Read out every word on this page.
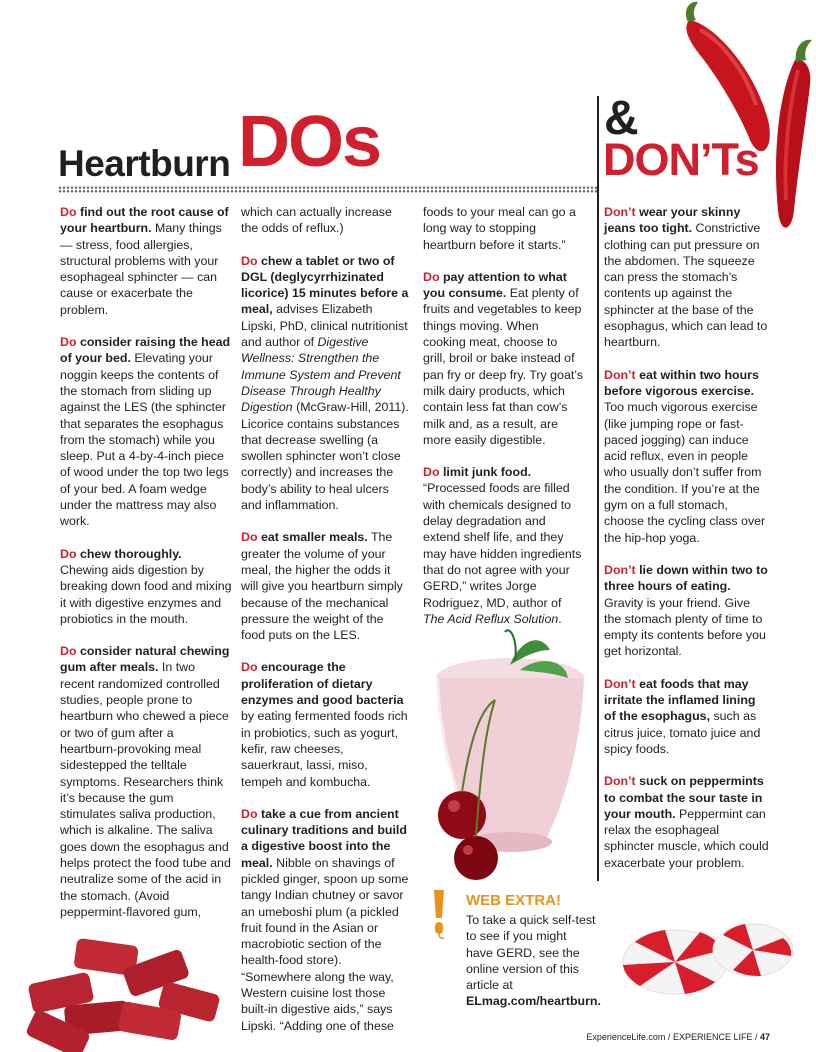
Heartburn DOs	&
DON’Ts

Do find out the root cause of your heartburn. Many things — stress, food allergies, structural problems with your esophageal sphincter — can cause or exacerbate the problem.

Do consider raising the head of your bed. Elevating your noggin keeps the contents of the stomach from sliding up against the LES (the sphincter that separates the esophagus from the stomach) while you sleep. Put a 4-by-4-inch piece of wood under the top two legs of your bed. A foam wedge under the mattress may also work.

Do chew thoroughly. Chewing aids digestion by breaking down food and mixing it with digestive enzymes and probiotics in the mouth.

Do consider natural chewing gum after meals. In two recent randomized controlled studies, people prone to heartburn who chewed a piece or two of gum after a heartburn-provoking meal sidestepped the telltale symptoms. Researchers think it’s because the gum stimulates saliva production, which is alkaline. The saliva goes down the esophagus and helps protect the food tube and neutralize some of the acid in the stomach. (Avoid peppermint-flavored gum,

which can actually increase the odds of reflux.)

Do chew a tablet or two of DGL (deglycyrrhizinated licorice) 15 minutes before a meal, advises Elizabeth Lipski, PhD, clinical nutritionist and author of Digestive Wellness: Strengthen the Immune System and Prevent Disease Through Healthy Digestion (McGraw-Hill, 2011). Licorice contains substances that decrease swelling (a swollen sphincter won’t close correctly) and increases the body’s ability to heal ulcers and inflammation.

Do eat smaller meals. The greater the volume of your meal, the higher the odds it will give you heartburn simply because of the mechanical pressure the weight of the food puts on the LES.

Do encourage the proliferation of dietary enzymes and good bacteria by eating fermented foods rich in probiotics, such as yogurt, kefir, raw cheeses, sauerkraut, lassi, miso, tempeh and kombucha.

Do take a cue from ancient culinary traditions and build a digestive boost into the meal. Nibble on shavings of pickled ginger, spoon up some tangy Indian chutney or savor an umeboshi plum (a pickled fruit found in the Asian or macrobiotic section of the health-food store). “Somewhere along the way, Western cuisine lost those built-in digestive aids,” says Lipski. “Adding one of these

foods to your meal can go a long way to stopping heartburn before it starts.”

Do pay attention to what you consume. Eat plenty of fruits and vegetables to keep things moving. When cooking meat, choose to grill, broil or bake instead of pan fry or deep fry. Try goat’s milk dairy products, which contain less fat than cow’s milk and, as a result, are more easily digestible.

Do limit junk food. “Processed foods are filled with chemicals designed to delay degradation and extend shelf life, and they may have hidden ingredients that do not agree with your GERD,” writes Jorge Rodriguez, MD, author of The Acid Reflux Solution.

Don’t wear your skinny jeans too tight. Constrictive clothing can put pressure on the abdomen. The squeeze can press the stomach’s contents up against the sphincter at the base of the esophagus, which can lead to heartburn.

Don’t eat within two hours before vigorous exercise. Too much vigorous exercise (like jumping rope or fast-paced jogging) can induce acid reflux, even in people who usually don’t suffer from the condition. If you’re at the gym on a full stomach, choose the cycling class over the hip-hop yoga.

Don’t lie down within two to three hours of eating. Gravity is your friend. Give the stomach plenty of time to empty its contents before you get horizontal.

Don’t eat foods that may irritate the inflamed lining of the esophagus, such as citrus juice, tomato juice and spicy foods.

Don’t suck on peppermints to combat the sour taste in your mouth. Peppermint can relax the esophageal sphincter muscle, which could exacerbate your problem.

WEB EXTRA!
To take a quick self-test to see if you might have GERD, see the online version of this article at ELmag.com/heartburn.
ExperienceLife.com / EXPERIENCE LIFE / 47
